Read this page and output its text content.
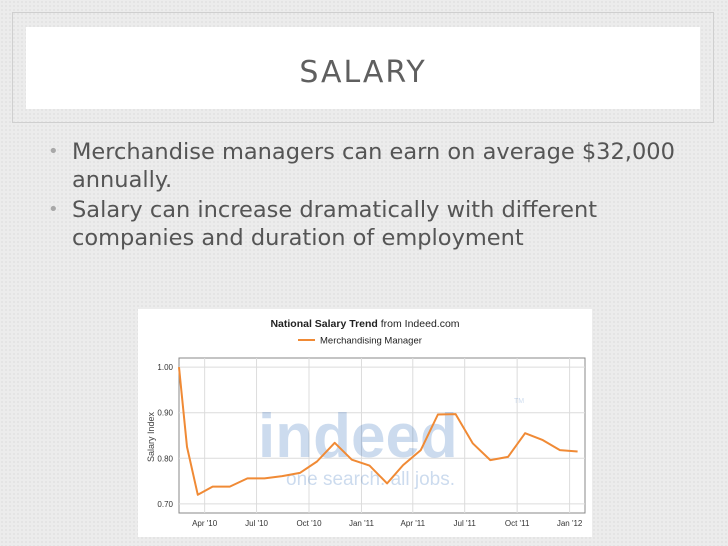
SALARY
• Merchandise managers can earn on average $32,000 annually.
• Salary can increase dramatically with different companies and duration of employment
National Salary Trend from Indeed.com
Merchandising Manager
Salary Index indeed
TM
one search. all jobs.
1.00
0.90
0.80
0.70
Apr '10	Jul '10	Oct '10	Jan '11	Apr '11	Jul '11	Oct '11	Jan '12
